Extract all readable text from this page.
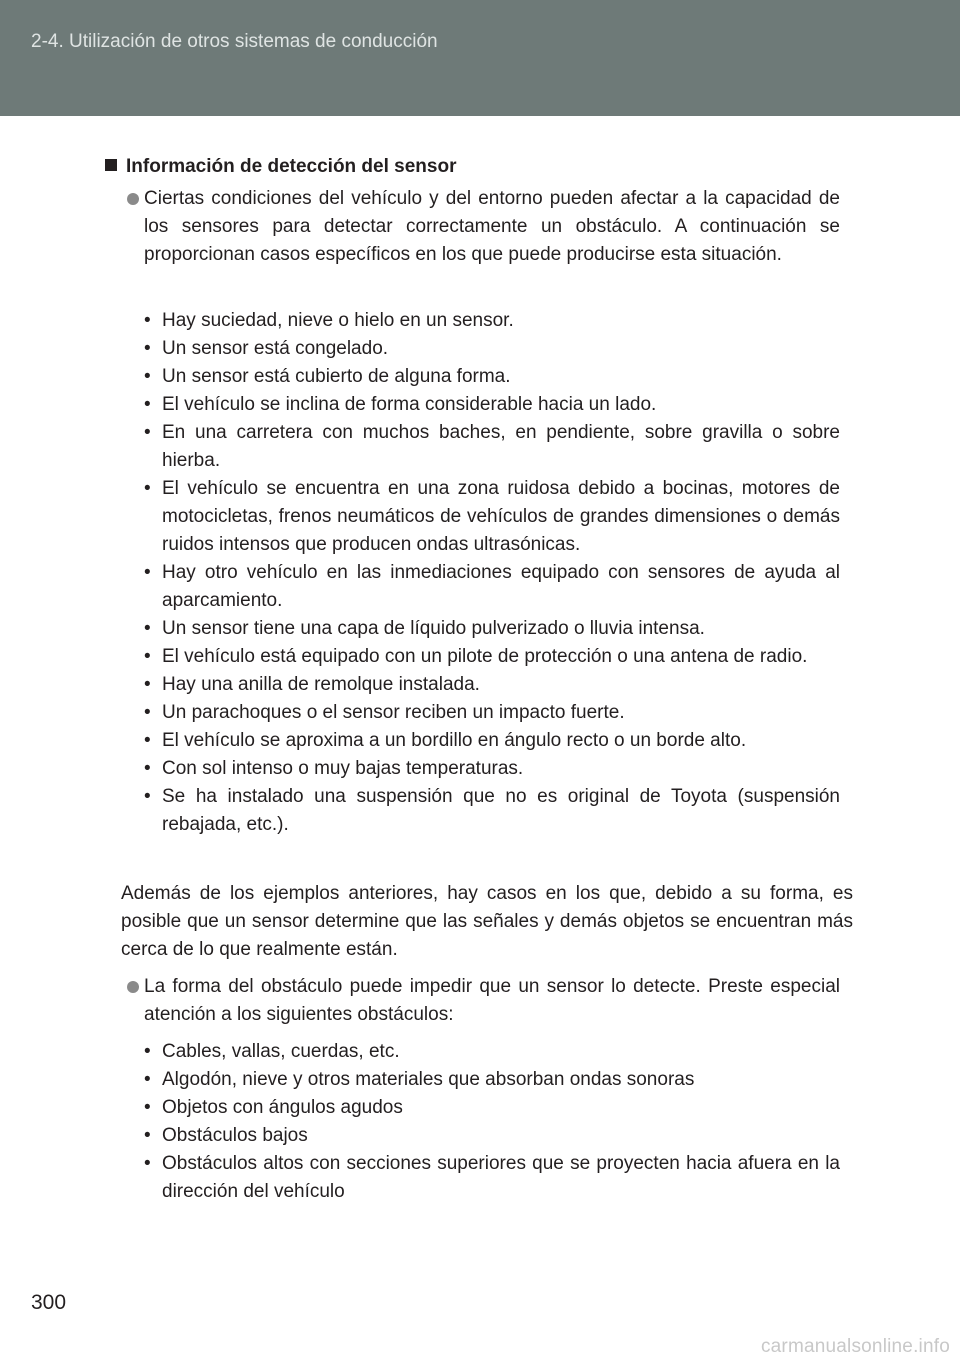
2-4. Utilización de otros sistemas de conducción
Información de detección del sensor
Ciertas condiciones del vehículo y del entorno pueden afectar a la capacidad de los sensores para detectar correctamente un obstáculo. A continuación se proporcionan casos específicos en los que puede producirse esta situación.
• Hay suciedad, nieve o hielo en un sensor.
• Un sensor está congelado.
• Un sensor está cubierto de alguna forma.
• El vehículo se inclina de forma considerable hacia un lado.
• En una carretera con muchos baches, en pendiente, sobre gravilla o sobre hierba.
• El vehículo se encuentra en una zona ruidosa debido a bocinas, motores de motocicletas, frenos neumáticos de vehículos de grandes dimensiones o demás ruidos intensos que producen ondas ultrasónicas.
• Hay otro vehículo en las inmediaciones equipado con sensores de ayuda al aparcamiento.
• Un sensor tiene una capa de líquido pulverizado o lluvia intensa.
• El vehículo está equipado con un pilote de protección o una antena de radio.
• Hay una anilla de remolque instalada.
• Un parachoques o el sensor reciben un impacto fuerte.
• El vehículo se aproxima a un bordillo en ángulo recto o un borde alto.
• Con sol intenso o muy bajas temperaturas.
• Se ha instalado una suspensión que no es original de Toyota (suspensión rebajada, etc.).
Además de los ejemplos anteriores, hay casos en los que, debido a su forma, es posible que un sensor determine que las señales y demás objetos se encuentran más cerca de lo que realmente están.
La forma del obstáculo puede impedir que un sensor lo detecte. Preste especial atención a los siguientes obstáculos:
• Cables, vallas, cuerdas, etc.
• Algodón, nieve y otros materiales que absorban ondas sonoras
• Objetos con ángulos agudos
• Obstáculos bajos
• Obstáculos altos con secciones superiores que se proyecten hacia afuera en la dirección del vehículo
300
carmanualsonline.info
